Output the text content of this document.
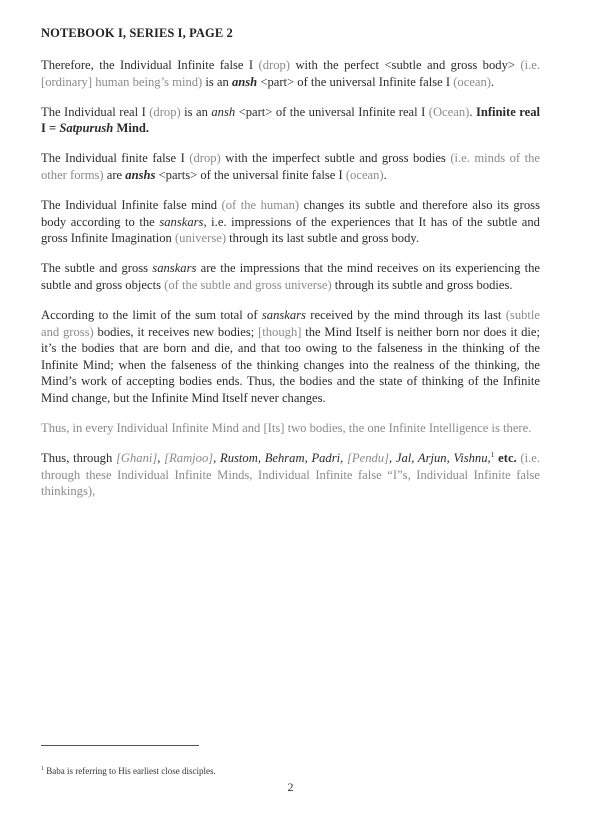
NOTEBOOK I, SERIES I, PAGE 2

Therefore, the Individual Infinite false I (drop) with the perfect <subtle and gross body> (i.e. [ordinary] human being’s mind) is an ansh <part> of the universal Infinite false I (ocean).

The Individual real I (drop) is an ansh <part> of the universal Infinite real I (Ocean). Infinite real I = Satpurush Mind.

The Individual finite false I (drop) with the imperfect subtle and gross bodies (i.e. minds of the other forms) are anshs <parts> of the universal finite false I (ocean).

The Individual Infinite false mind (of the human) changes its subtle and therefore also its gross body according to the sanskars, i.e. impressions of the experiences that It has of the subtle and gross Infinite Imagination (universe) through its last subtle and gross body.

The subtle and gross sanskars are the impressions that the mind receives on its experiencing the subtle and gross objects (of the subtle and gross universe) through its subtle and gross bodies.

According to the limit of the sum total of sanskars received by the mind through its last (subtle and gross) bodies, it receives new bodies; [though] the Mind Itself is neither born nor does it die; it’s the bodies that are born and die, and that too owing to the falseness in the thinking of the Infinite Mind; when the falseness of the thinking changes into the realness of the thinking, the Mind’s work of accepting bodies ends. Thus, the bodies and the state of thinking of the Infinite Mind change, but the Infinite Mind Itself never changes.

Thus, in every Individual Infinite Mind and [Its] two bodies, the one Infinite Intelligence is there.

Thus, through [Ghani], [Ramjoo], Rustom, Behram, Padri, [Pendu], Jal, Arjun, Vishnu,$^1$ etc. (i.e. through these Individual Infinite Minds, Individual Infinite false “I”s, Individual Infinite false thinkings),

$^1$ Baba is referring to His earliest close disciples.
2
